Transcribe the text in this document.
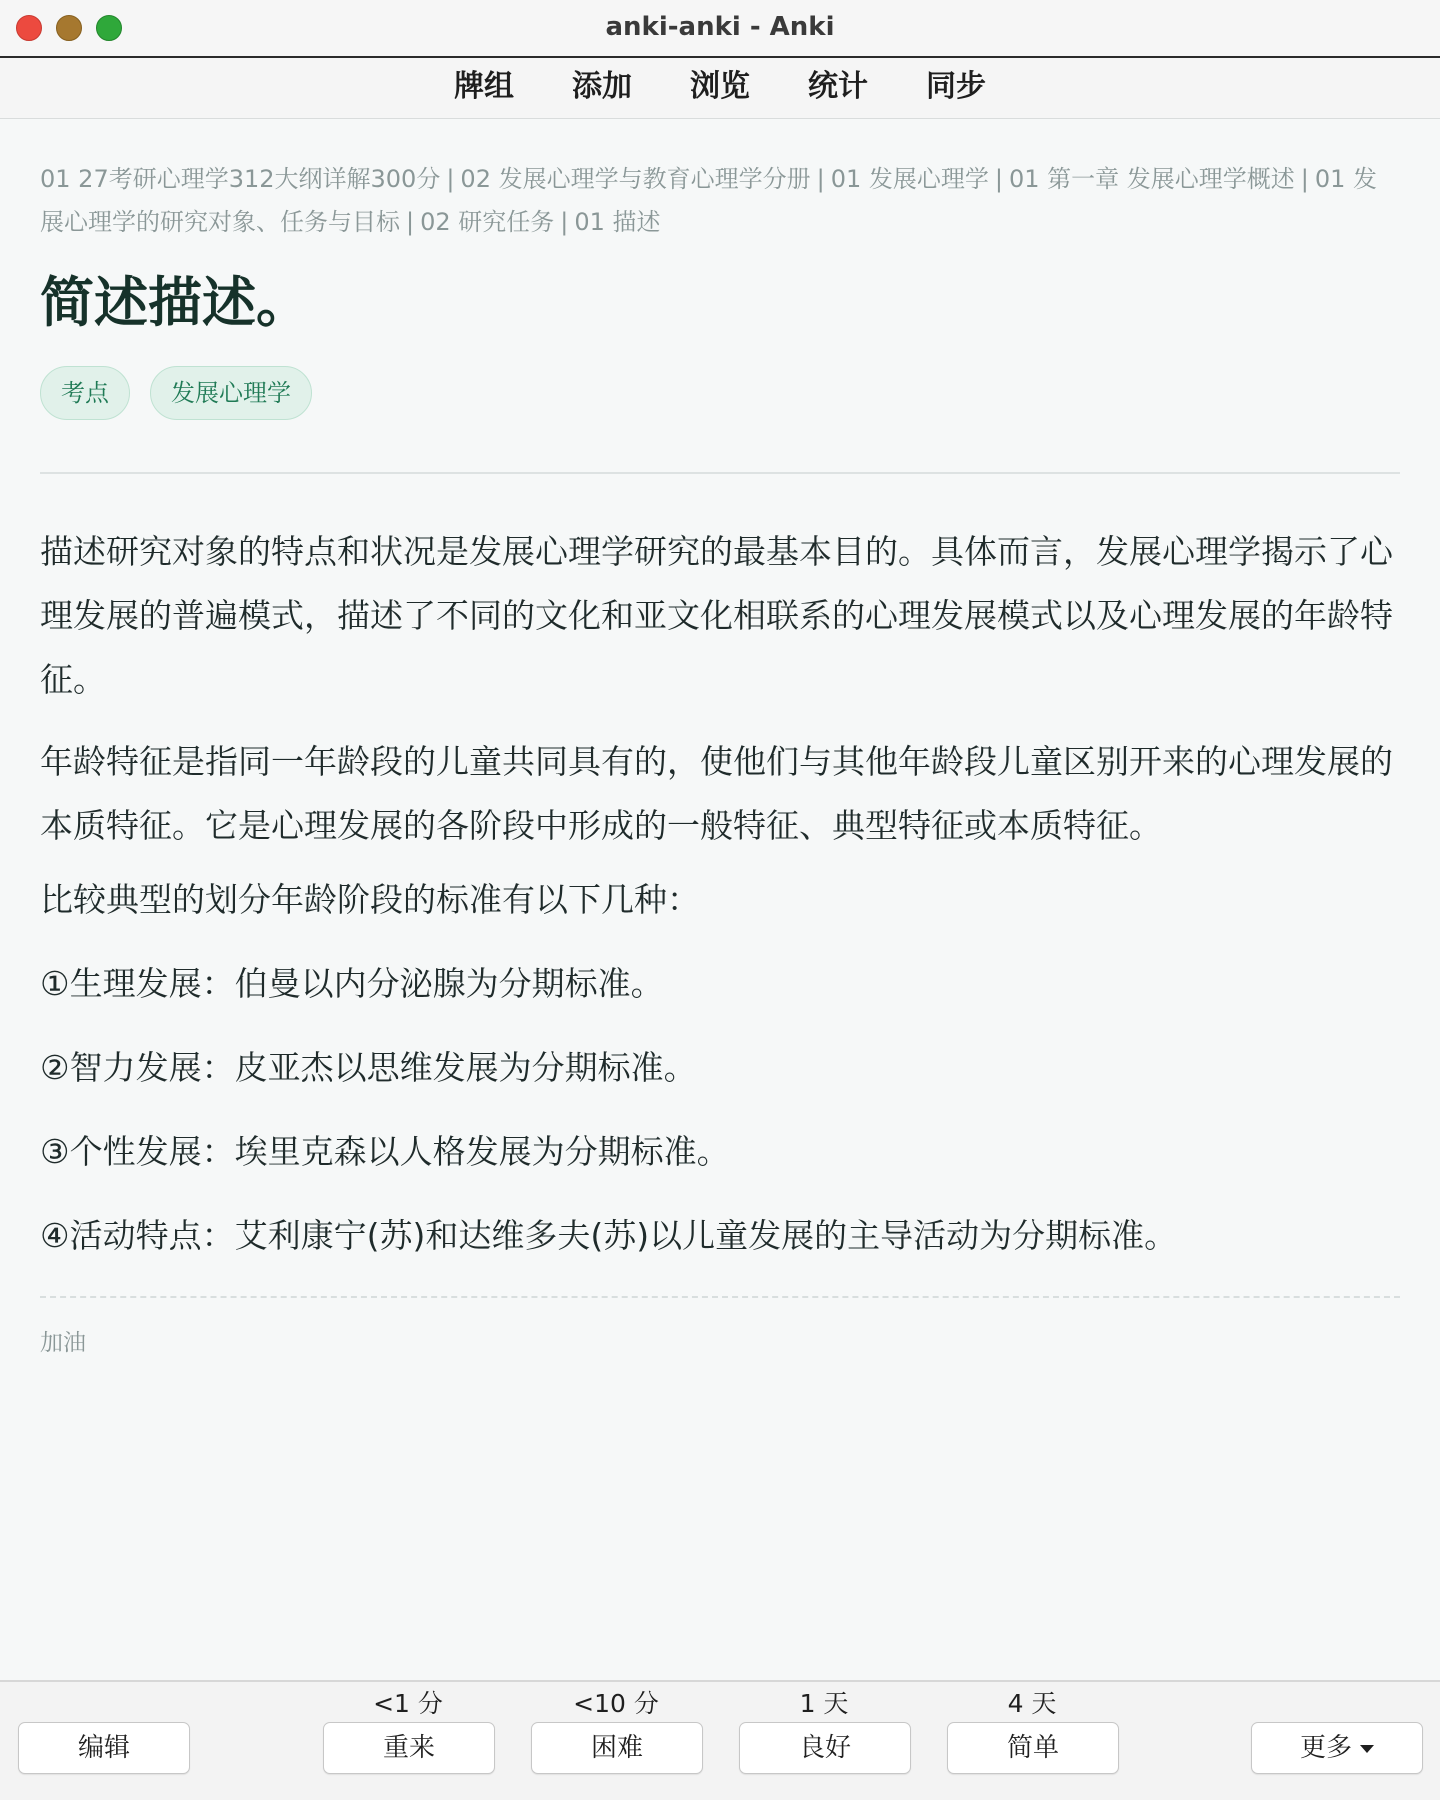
anki-anki - Anki
牌组	添加	浏览	统计	同步
01 27考研心理学312大纲详解300分 | 02 发展心理学与教育心理学分册 | 01 发展心理学 | 01 第一章 发展心理学概述 | 01 发展心理学的研究对象、任务与目标 | 02 研究任务 | 01 描述
简述描述。
考点	发展心理学

描述研究对象的特点和状况是发展心理学研究的最基本目的。具体而言，发展心理学揭示了心理发展的普遍模式，描述了不同的文化和亚文化相联系的心理发展模式以及心理发展的年龄特征。

年龄特征是指同一年龄段的儿童共同具有的，使他们与其他年龄段儿童区别开来的心理发展的本质特征。它是心理发展的各阶段中形成的一般特征、典型特征或本质特征。

比较典型的划分年龄阶段的标准有以下几种：

①生理发展：伯曼以内分泌腺为分期标准。

②智力发展：皮亚杰以思维发展为分期标准。

③个性发展：埃里克森以人格发展为分期标准。

④活动特点：艾利康宁(苏)和达维多夫(苏)以儿童发展的主导活动为分期标准。

加油
编辑
<1 分
重来
<10 分
困难
1 天
良好
4 天
简单	更多
